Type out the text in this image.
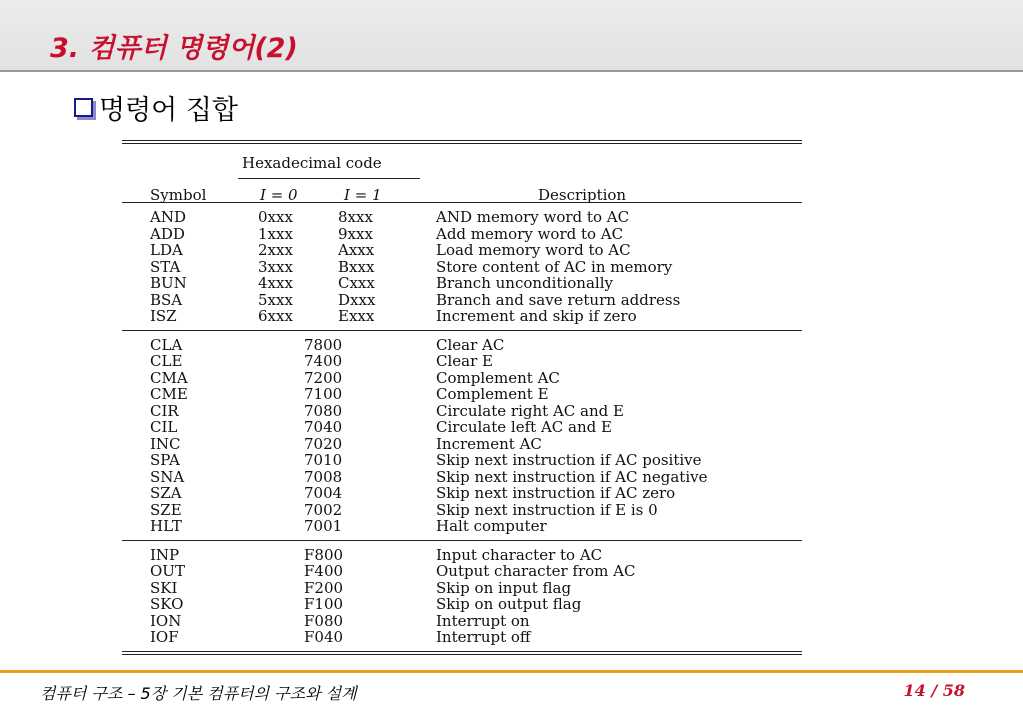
3. 컴퓨터 명령어(2)
명령어 집합
Hexadecimal code
Symbol	I = 0	I = 1	Description
AND	0xxx	8xxx	AND memory word to AC
ADD	1xxx	9xxx	Add memory word to AC
LDA	2xxx	Axxx	Load memory word to AC
STA	3xxx	Bxxx	Store content of AC in memory
BUN	4xxx	Cxxx	Branch unconditionally
BSA	5xxx	Dxxx	Branch and save return address
ISZ	6xxx	Exxx	Increment and skip if zero
CLA	7800	Clear AC
CLE	7400	Clear E
CMA	7200	Complement AC
CME	7100	Complement E
CIR	7080	Circulate right AC and E
CIL	7040	Circulate left AC and E
INC	7020	Increment AC
SPA	7010	Skip next instruction if AC positive
SNA	7008	Skip next instruction if AC negative
SZA	7004	Skip next instruction if AC zero
SZE	7002	Skip next instruction if E is 0
HLT	7001	Halt computer
INP	F800	Input character to AC
OUT	F400	Output character from AC
SKI	F200	Skip on input flag
SKO	F100	Skip on output flag
ION	F080	Interrupt on
IOF	F040	Interrupt off
컴퓨터 구조 – 5장 기본 컴퓨터의 구조와 설계	14 / 58
